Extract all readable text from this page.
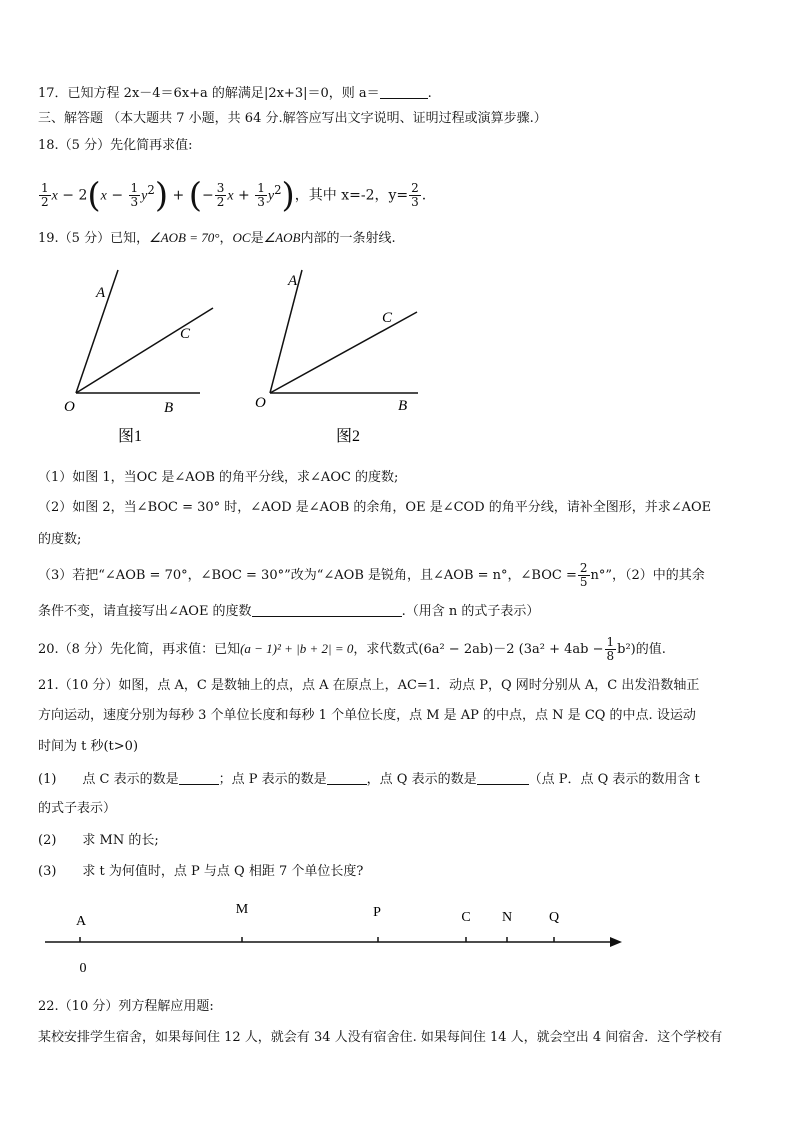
17．已知方程 2x－4＝6x+a 的解满足|2x+3|＝0，则 a＝	.
三、解答题 （本大题共 7 小题，共 64 分.解答应写出文字说明、证明过程或演算步骤.）
18.（5 分）先化简再求值:
$\frac{1}{2}$ $x - 2(x - \frac{1}{3} y^2)$ + (− $\frac{3}{2}$ $x + \frac{1}{3} y^2$)，其中 x=-2，$y= \frac{2}{3}$ .
19.（5 分）已知，∠AOB = 70°，OC是∠AOB内部的一条射线.
A
C
O	B
图1
A
C
O	B
图2
（1）如图 1，当OC 是∠AOB 的角平分线，求∠AOC 的度数;
（2）如图 2，当∠BOC = 30° 时，∠AOD 是∠AOB 的余角，OE 是∠COD 的角平分线，请补全图形，并求∠AOE
的度数;
（3）若把“∠AOB = 70°，∠BOC = 30°”改为“∠AOB 是锐角，且∠AOB = n°，∠BOC = $\frac{2}{5} n^\circ$”，（2）中的其余
条件不变，请直接写出∠AOE 的度数	.（用含 n 的式子表示）
20.（8 分）先化简，再求值：已知(a − 1)² + |b + 2| = 0，求代数式(6a² − 2ab)－2 $(3a^2 + 4ab - \frac{1}{8} b^2)$的值.
21.（10 分）如图，点 A，C 是数轴上的点，点 A 在原点上，AC=1．动点 P，Q 网时分别从 A，C 出发沿数轴正
方向运动，速度分别为每秒 3 个单位长度和每秒 1 个单位长度，点 M 是 AP 的中点，点 N 是 CQ 的中点. 设运动
时间为 t 秒(t>0)
(1)　　点 C 表示的数是	；点 P 表示的数是	，点 Q 表示的数是	（点 P．点 Q 表示的数用含 t
的式子表示）
(2)　　求 MN 的长;
(3)　　求 t 为何值时，点 P 与点 Q 相距 7 个单位长度?
A
M	P	C N	Q
0
22.（10 分）列方程解应用题:
某校安排学生宿舍，如果每间住 12 人，就会有 34 人没有宿舍住. 如果每间住 14 人，就会空出 4 间宿舍．这个学校有
